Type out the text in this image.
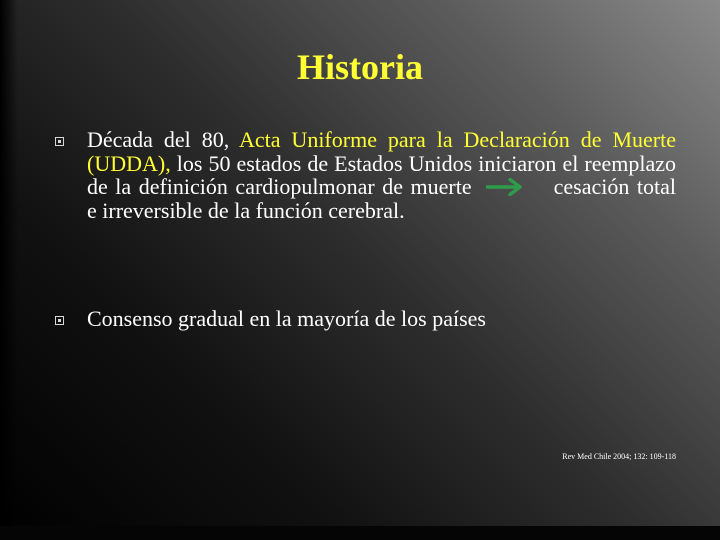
Historia

Década del 80, Acta Uniforme para la Declaración de Muerte (UDDA), los 50 estados de Estados Unidos iniciaron el reemplazo de la definición cardiopulmonar de muerte	cesación total e irreversible de la función cerebral.

Consenso gradual en la mayoría de los países

Rev Med Chile 2004; 132: 109-118
